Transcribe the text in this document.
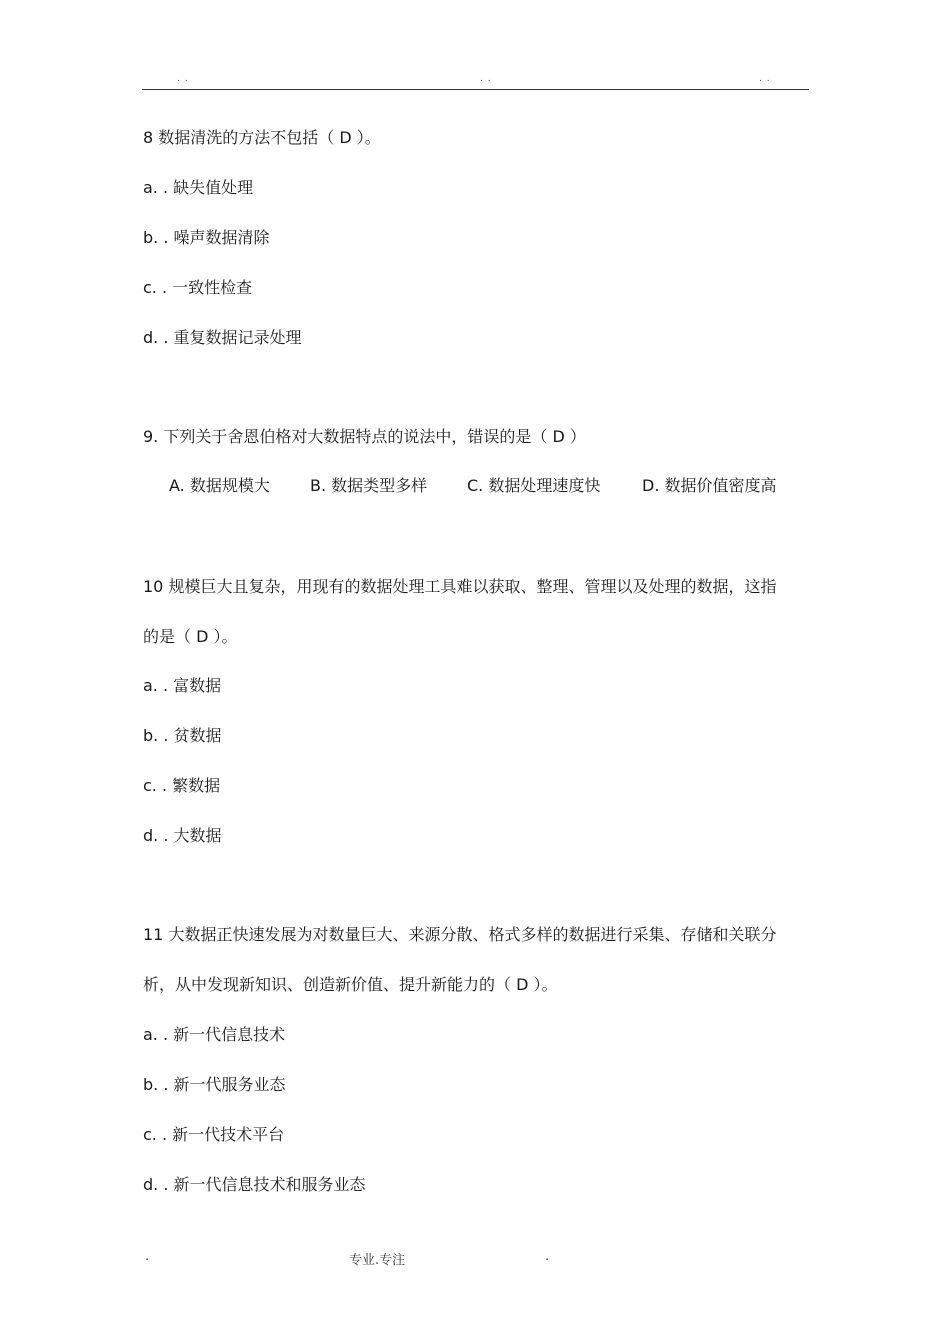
. .	. .	. .
8 数据清洗的方法不包括（ D ）。
a. . 缺失值处理
b. . 噪声数据清除
c. . 一致性检查
d. . 重复数据记录处理
9. 下列关于舍恩伯格对大数据特点的说法中，错误的是（ D ）
A. 数据规模大	B. 数据类型多样 C. 数据处理速度快	D. 数据价值密度高
10 规模巨大且复杂，用现有的数据处理工具难以获取、整理、管理以及处理的数据，这指
的是（ D ）。
a. . 富数据
b. . 贫数据
c. . 繁数据
d. . 大数据
11 大数据正快速发展为对数量巨大、来源分散、格式多样的数据进行采集、存储和关联分
析，从中发现新知识、创造新价值、提升新能力的（ D ）。
a. . 新一代信息技术
b. . 新一代服务业态
c. . 新一代技术平台
d. . 新一代信息技术和服务业态
.	专业.专注	.
